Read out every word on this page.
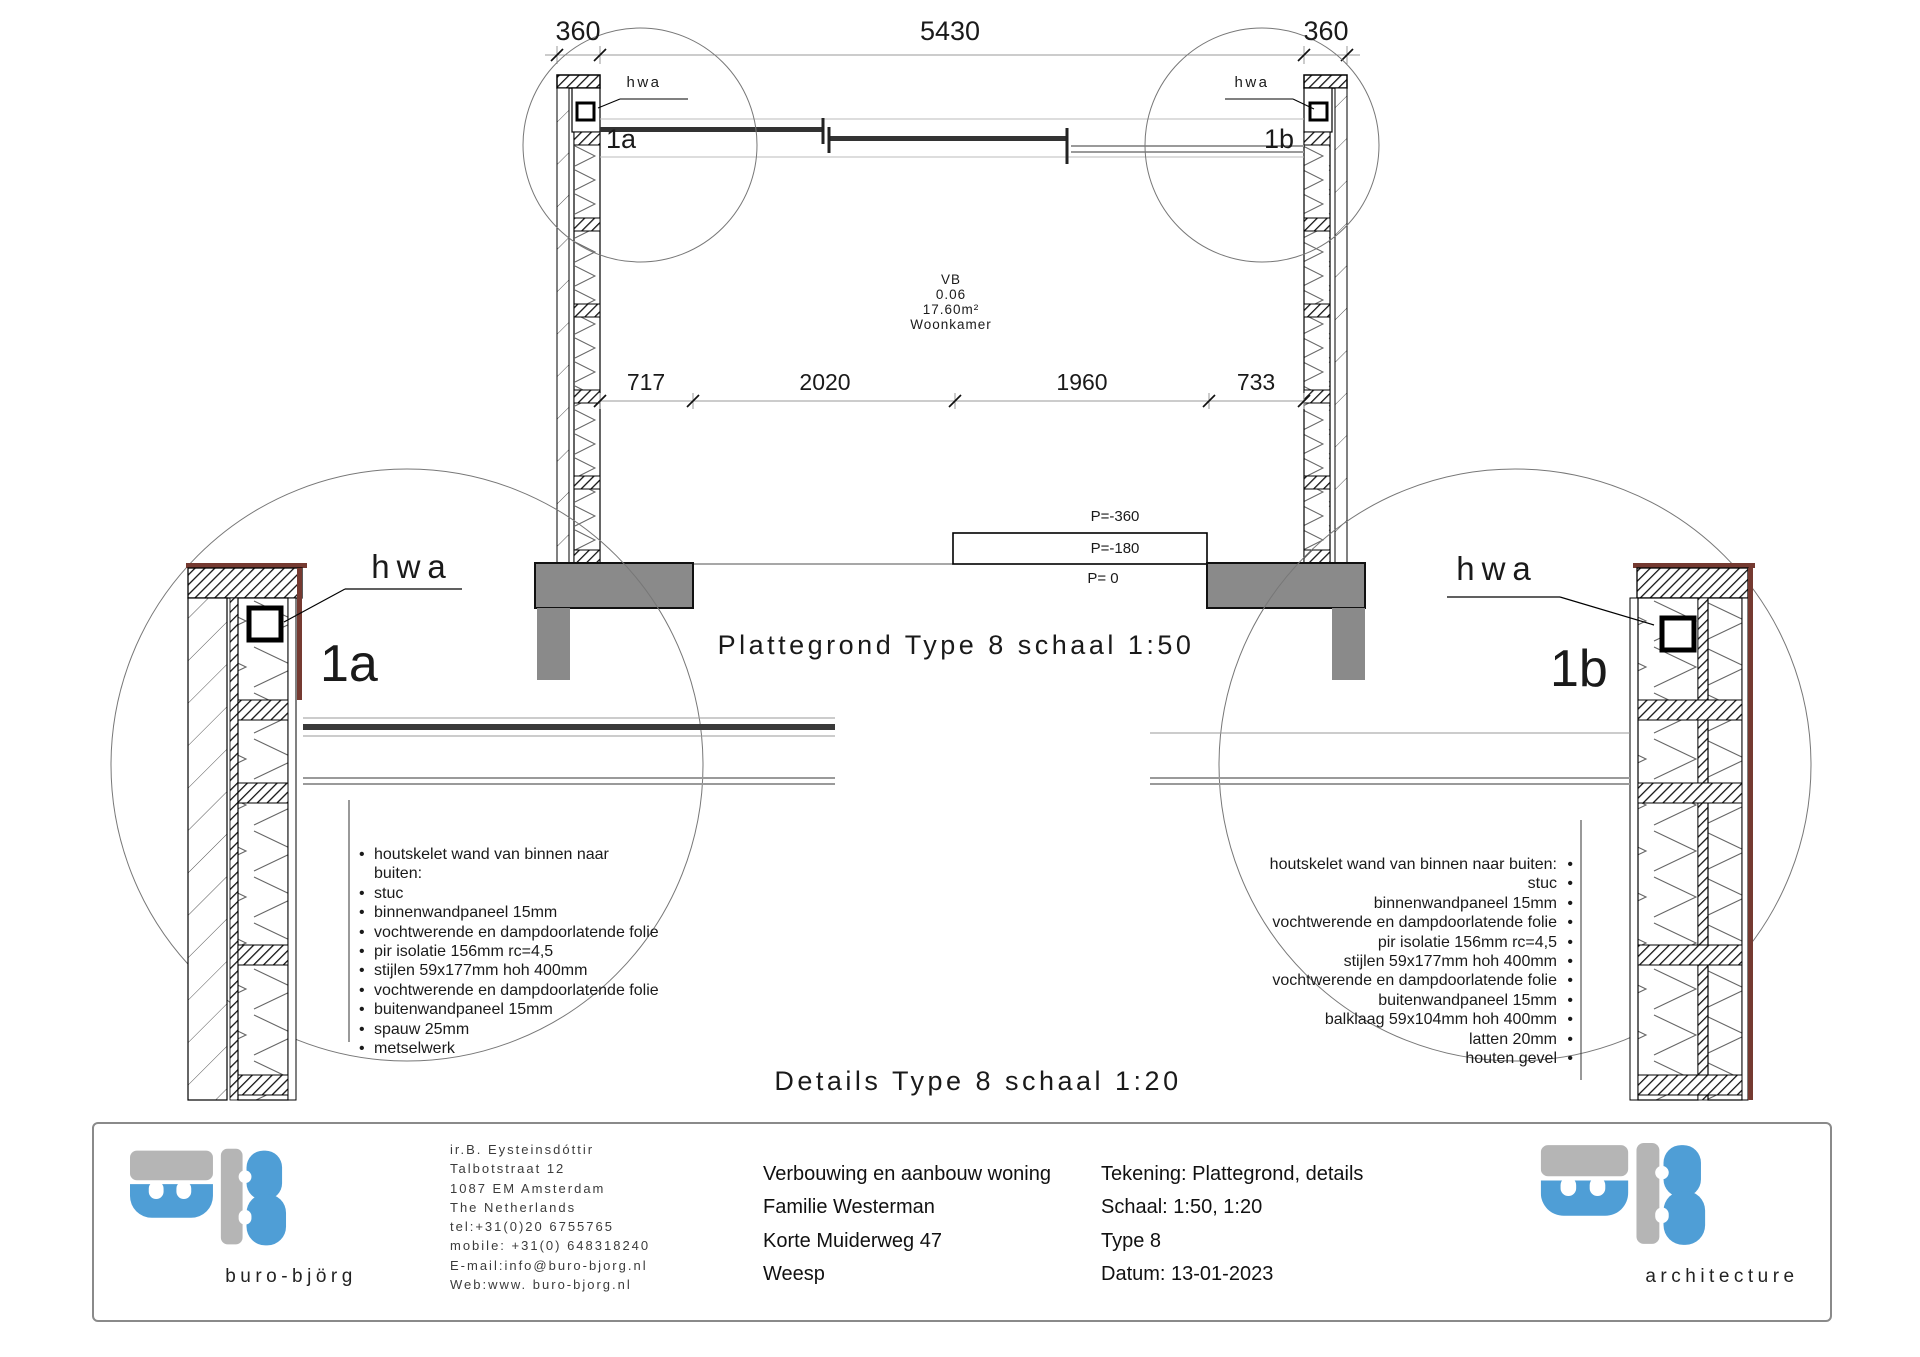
360	5430	360
hwa	hwa
1a	1b
VB
0.06
17.60m²
Woonkamer
717	2020	1960	733
P=-360
P=-180
P= 0
Plattegrond Type 8 schaal 1:50
hwa
1a
• houtskelet wand van binnen naar buiten:
• stuc
• binnenwandpaneel 15mm
• vochtwerende en dampdoorlatende folie
• pir isolatie 156mm rc=4,5
• stijlen 59x177mm hoh 400mm
• vochtwerende en dampdoorlatende folie
• buitenwandpaneel 15mm
• spauw 25mm
• metselwerk
hwa
1b
houtskelet wand van binnen naar buiten: •
stuc •
binnenwandpaneel 15mm •
vochtwerende en dampdoorlatende folie •
pir isolatie 156mm rc=4,5 •
stijlen 59x177mm hoh 400mm •
vochtwerende en dampdoorlatende folie •
buitenwandpaneel 15mm •
balklaag 59x104mm hoh 400mm •
latten 20mm •
houten gevel •
Details Type 8 schaal 1:20
buro-björg	architecture
ir.B. Eysteinsdóttir
Talbotstraat 12
1087 EM Amsterdam
The Netherlands
tel:+31(0)20 6755765
mobile: +31(0) 648318240
E-mail:info@buro-bjorg.nl
Web:www. buro-bjorg.nl
Verbouwing en aanbouw woning
Familie Westerman
Korte Muiderweg 47
Weesp
Tekening: Plattegrond, details
Schaal: 1:50, 1:20
Type 8
Datum: 13-01-2023
